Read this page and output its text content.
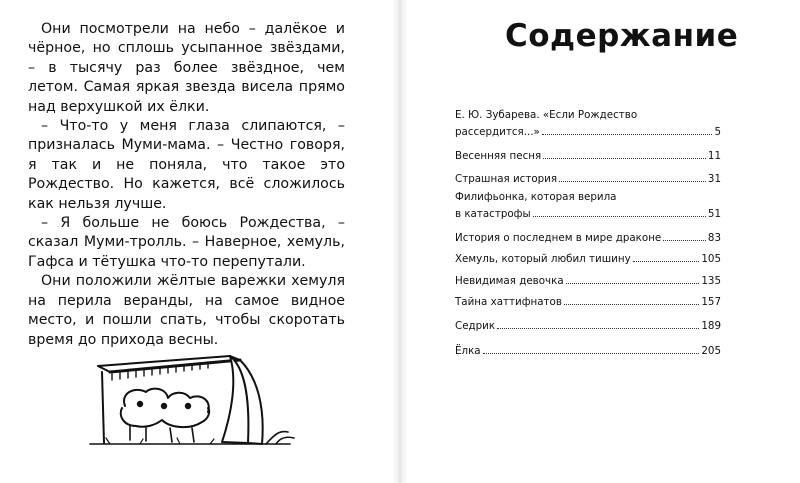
Они посмотрели на небо – далёкое и чёрное, но сплошь усыпанное звёздами, – в тысячу раз более звёздное, чем летом. Самая яркая звезда висела прямо над верхушкой их ёлки.

– Что-то у меня глаза слипаются, – призналась Муми-мама. – Честно говоря, я так и не поняла, что такое это Рождество. Но кажется, всё сложилось как нельзя лучше.

– Я больше не боюсь Рождества, – сказал Муми-тролль. – Наверное, хемуль, Гафса и тётушка что-то перепутали.

Они положили жёлтые варежки хемуля на перила веранды, на самое видное место, и пошли спать, чтобы скоротать время до прихода весны.

Содержание
Е. Ю. Зубарева. «Если Рождество
рассердится...»	5
Весенняя песня	11
Страшная история	31
Филифьонка, которая верила
в катастрофы	51
История о последнем в мире драконе	83
Хемуль, который любил тишину	105
Невидимая девочка	135
Тайна хаттифнатов	157
Седрик	189
Ёлка	205
